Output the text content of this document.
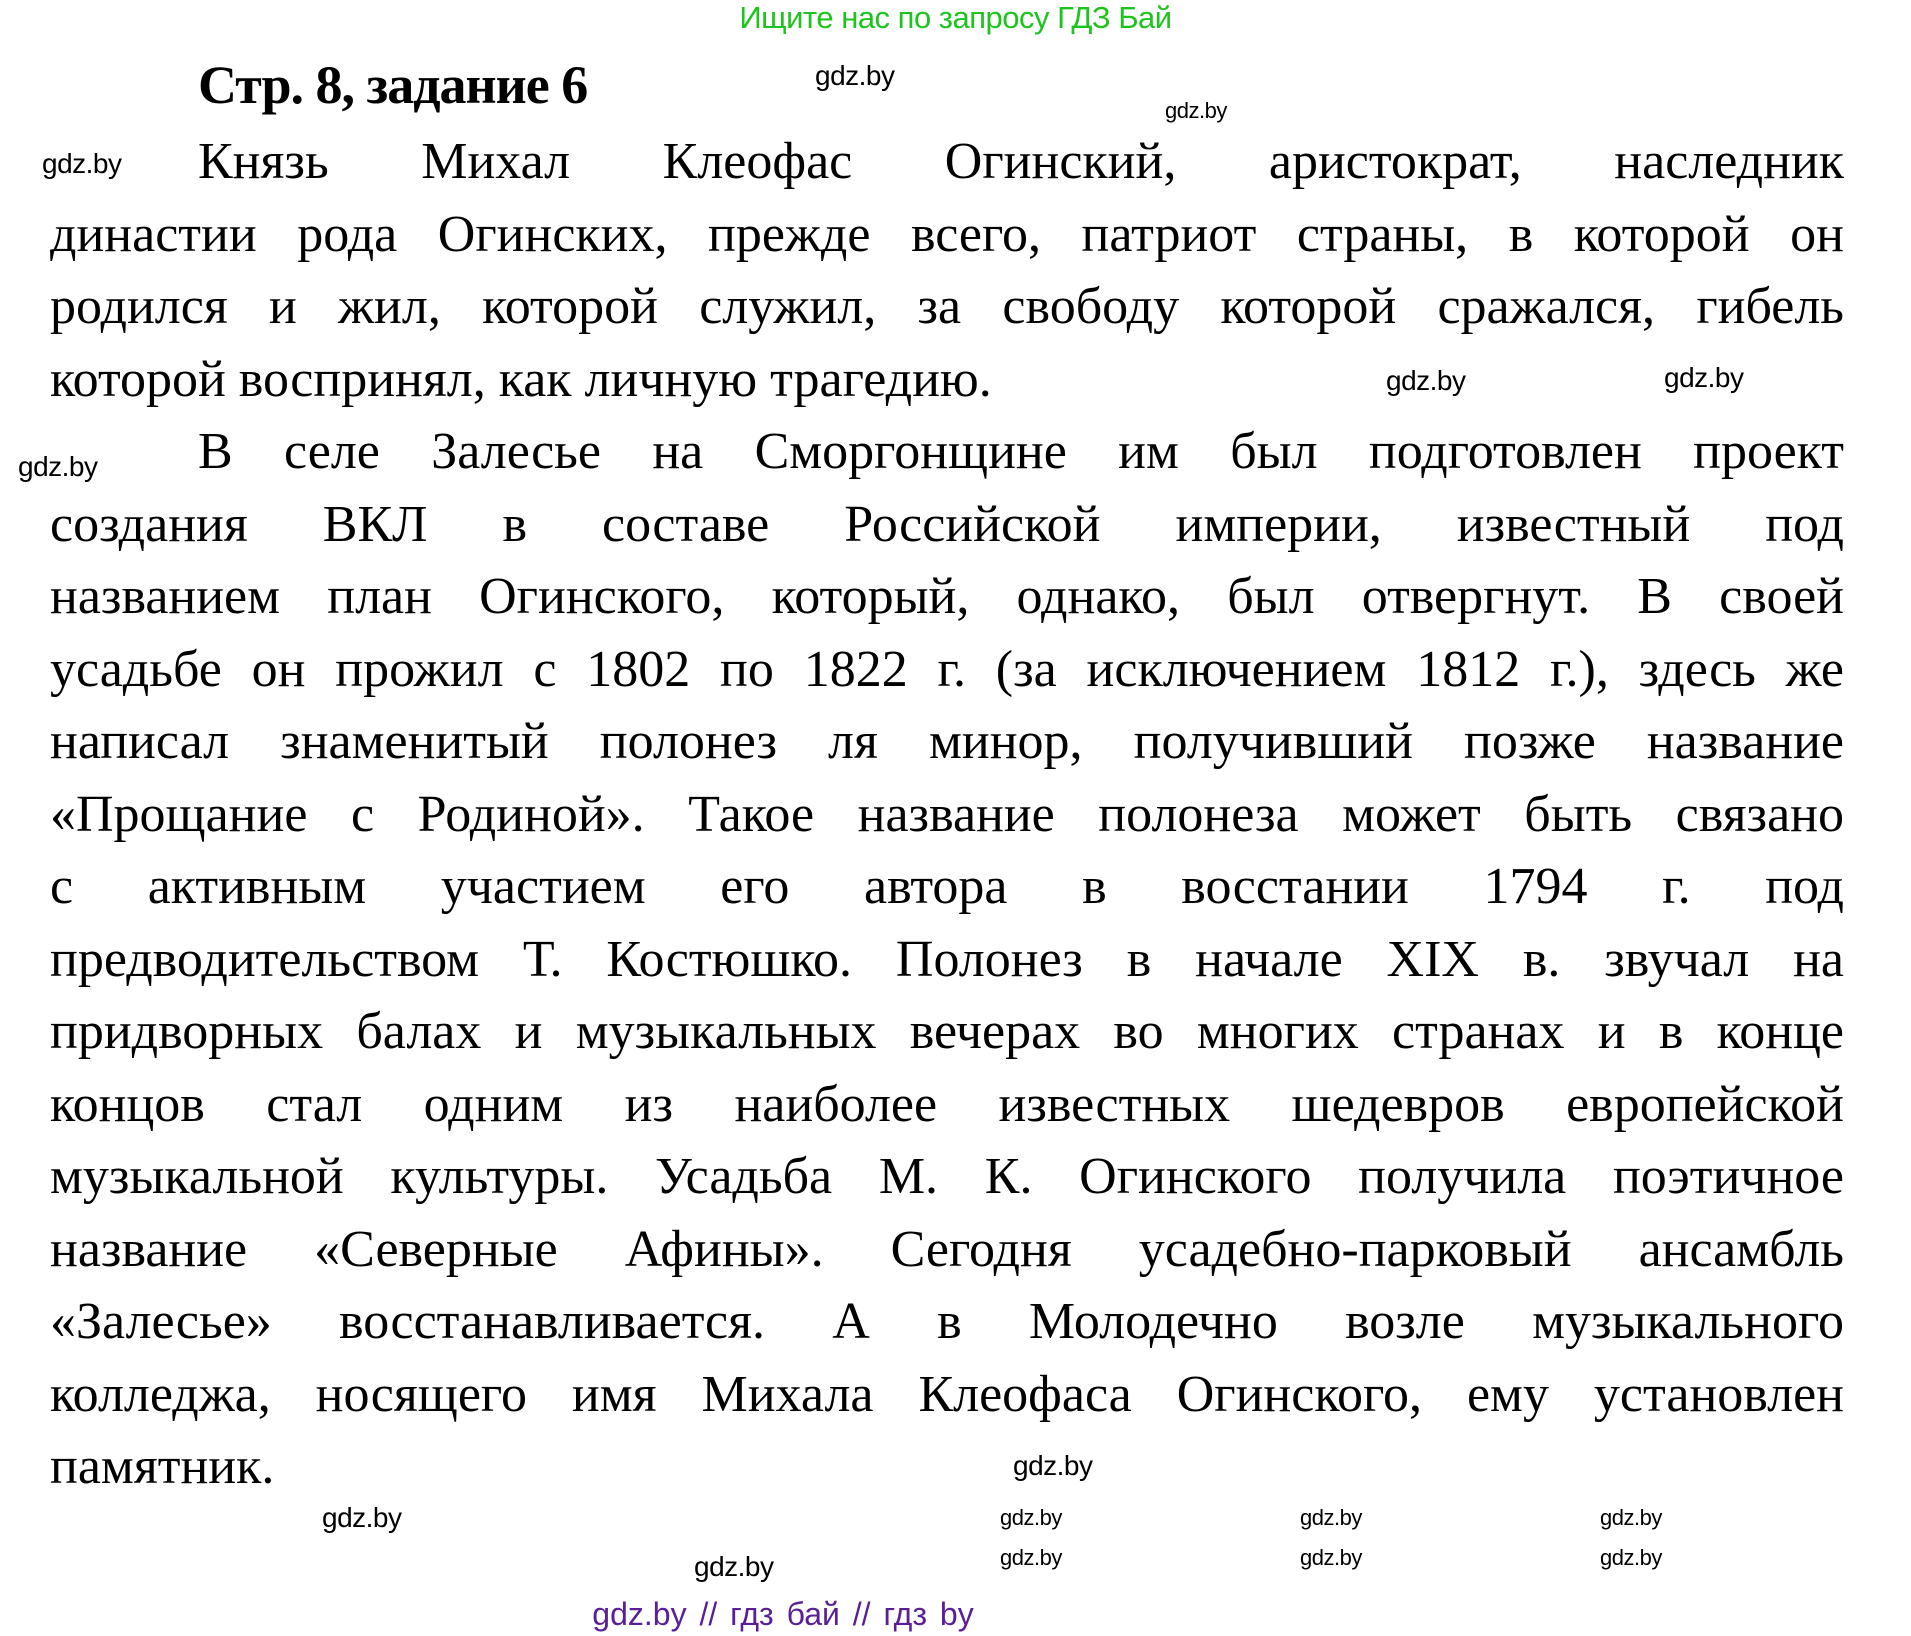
Ищите нас по запросу ГДЗ Бай
Стр. 8, задание 6
Князь Михал Клеофас Огинский, аристократ, наследник
династии рода Огинских, прежде всего, патриот страны, в которой он
родился и жил, которой служил, за свободу которой сражался, гибель
которой воспринял, как личную трагедию.
В селе Залесье на Сморгонщине им был подготовлен проект
создания ВКЛ в составе Российской империи, известный под
названием план Огинского, который, однако, был отвергнут. В своей
усадьбе он прожил с 1802 по 1822 г. (за исключением 1812 г.), здесь же
написал знаменитый полонез ля минор, получивший позже название
«Прощание с Родиной». Такое название полонеза может быть связано
с активным участием его автора в восстании 1794 г. под
предводительством Т. Костюшко. Полонез в начале XIX в. звучал на
придворных балах и музыкальных вечерах во многих странах и в конце
концов стал одним из наиболее известных шедевров европейской
музыкальной культуры. Усадьба М. К. Огинского получила поэтичное
название «Северные Афины». Сегодня усадебно-парковый ансамбль
«Залесье» восстанавливается. А в Молодечно возле музыкального
колледжа, носящего имя Михала Клеофаса Огинского, ему установлен
памятник.
gdz.by
gdz.by
gdz.by
gdz.by
gdz.by
gdz.by
gdz.by	gdz.by	gdz.by
gdz.by	gdz.by	gdz.by
gdz.by
gdz.by
gdz.by
gdz.by // гдз бай // гдз by
